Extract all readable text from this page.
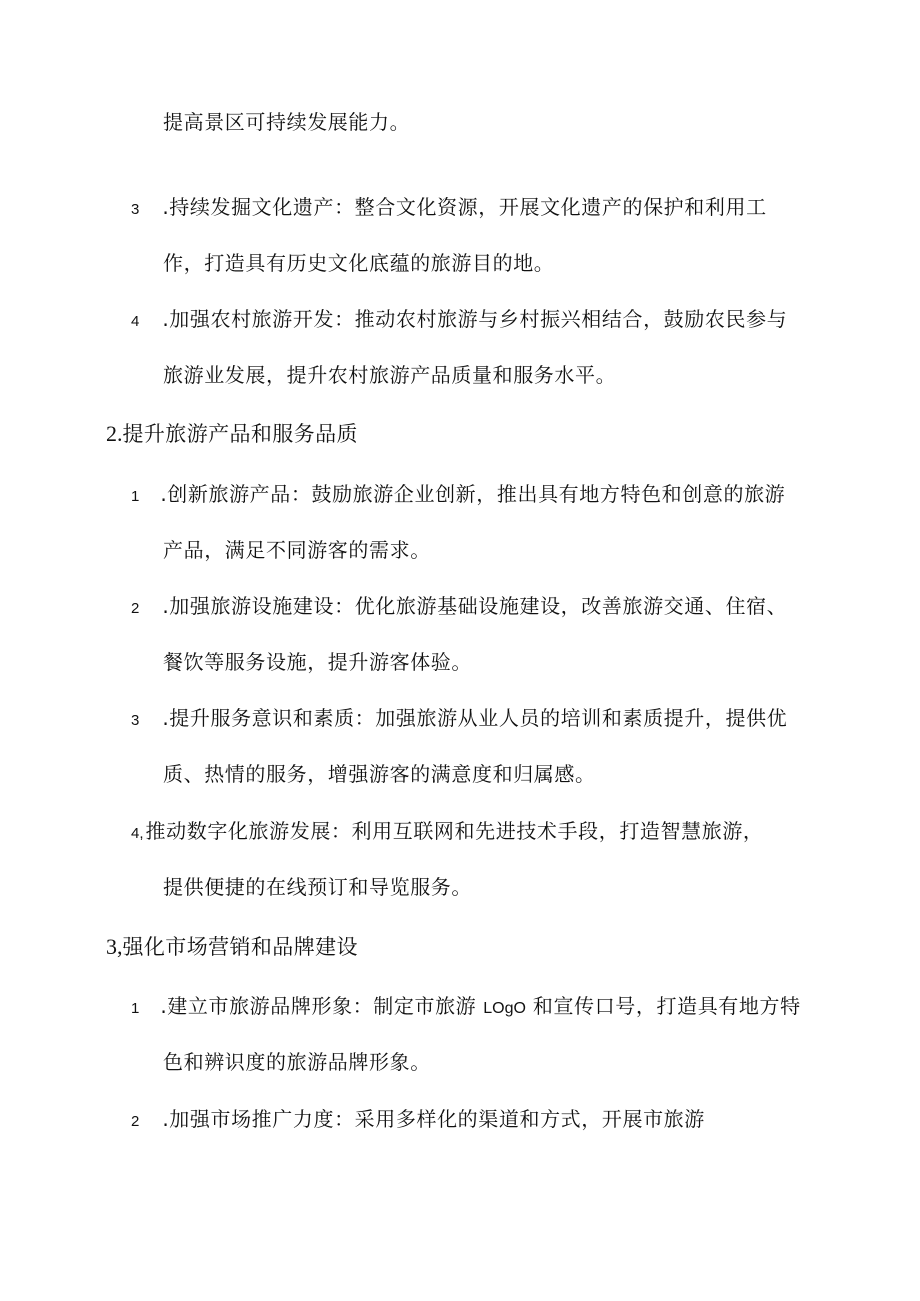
提高景区可持续发展能力。
3 .持续发掘文化遗产：整合文化资源，开展文化遗产的保护和利用工
作，打造具有历史文化底蕴的旅游目的地。
4 .加强农村旅游开发：推动农村旅游与乡村振兴相结合，鼓励农民参与
旅游业发展，提升农村旅游产品质量和服务水平。
2.提升旅游产品和服务品质
1 .创新旅游产品：鼓励旅游企业创新，推出具有地方特色和创意的旅游
产品，满足不同游客的需求。
2 .加强旅游设施建设：优化旅游基础设施建设，改善旅游交通、住宿、
餐饮等服务设施，提升游客体验。
3 .提升服务意识和素质：加强旅游从业人员的培训和素质提升，提供优
质、热情的服务，增强游客的满意度和归属感。
4, 推动数字化旅游发展：利用互联网和先进技术手段，打造智慧旅游，
提供便捷的在线预订和导览服务。
3,强化市场营销和品牌建设
1 .建立市旅游品牌形象：制定市旅游 LOgO 和宣传口号，打造具有地方特
色和辨识度的旅游品牌形象。
2 .加强市场推广力度：采用多样化的渠道和方式，开展市旅游
